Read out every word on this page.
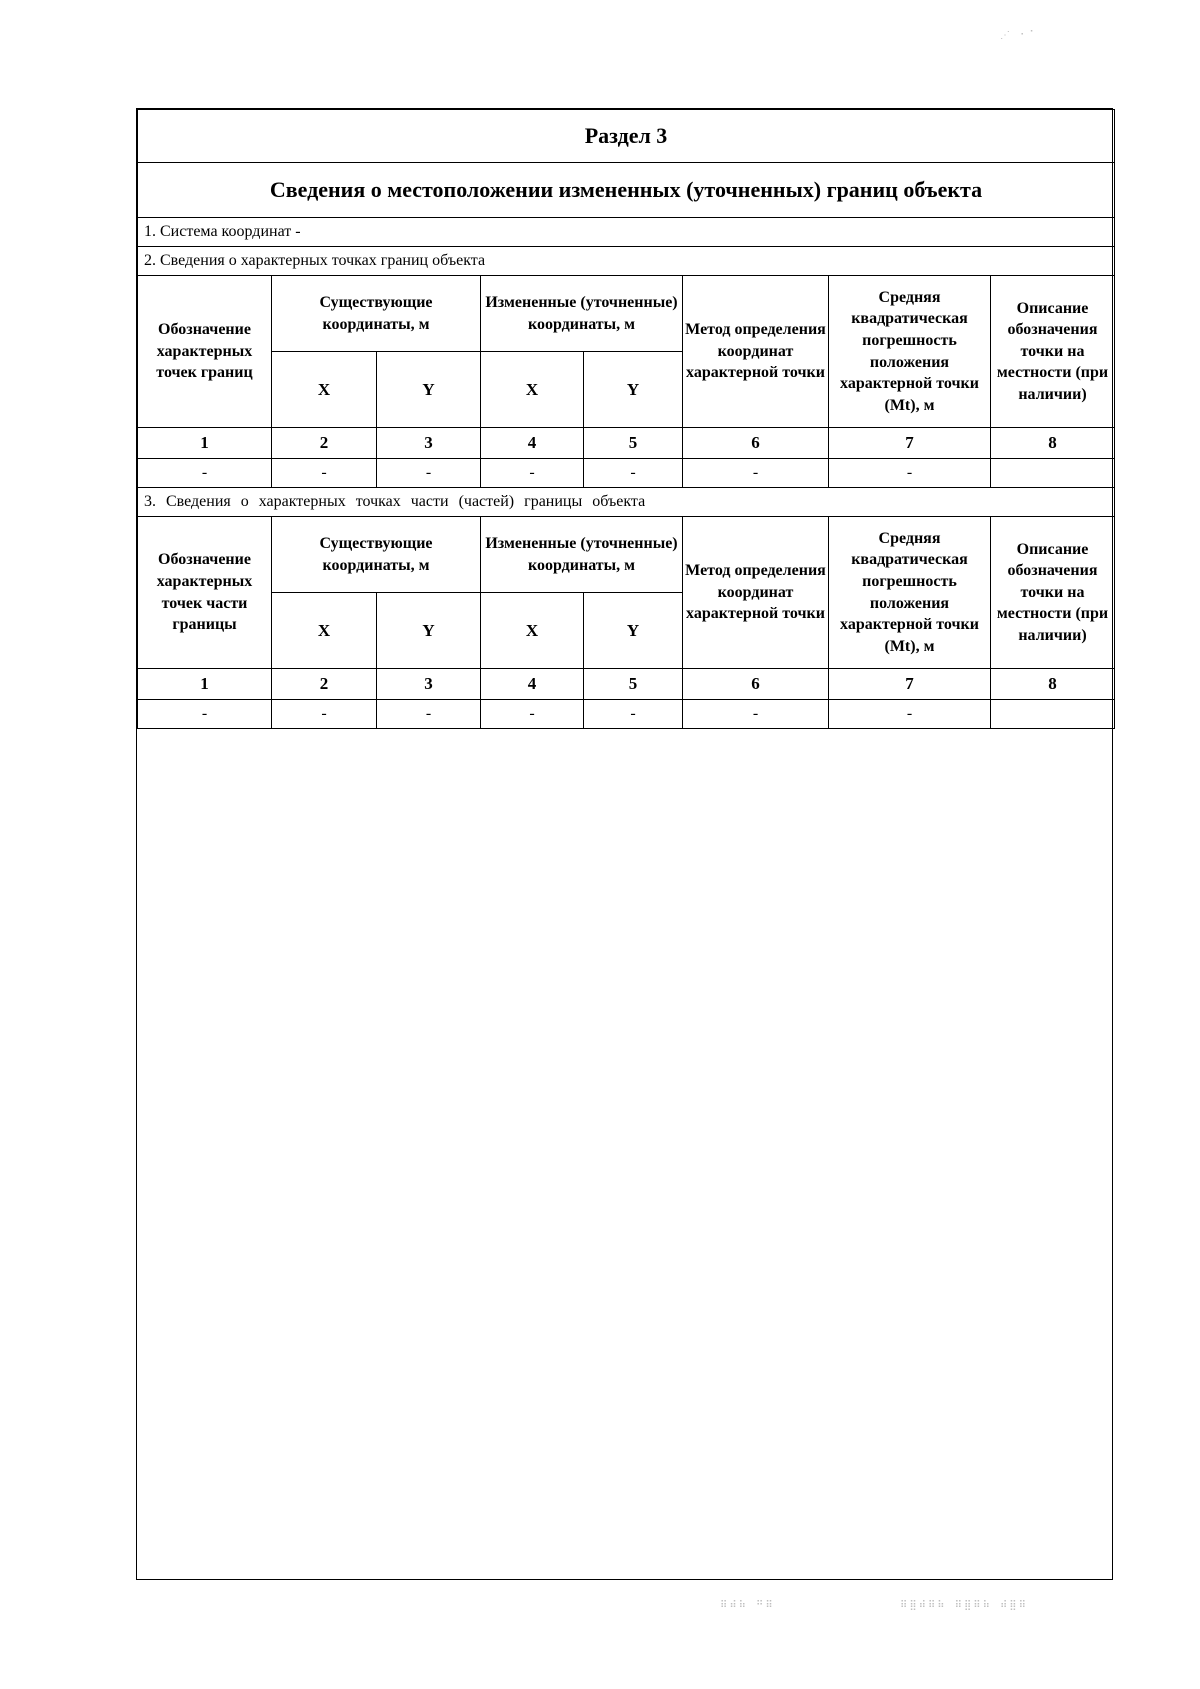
Раздел 3							
Сведения о местоположении измененных (уточненных) границ объекта							
1. Система координат -							
2. Сведения о характерных точках границ объекта							
Обозначение характерных точек границ	Существующие координаты, м		Измененные (уточненные) координаты, м		Метод определения координат характерной точки	Средняя квадратическая погрешность положения характерной точки (Mt), м	Описание обозначения точки на местности (при наличии)
	X	Y	X	Y			
1	2	3	4	5	6	7	8
-	-	-	-	-	-	-	
3. Сведения о характерных точках части (частей) границы объекта							
Обозначение характерных точек части границы	Существующие координаты, м		Измененные (уточненные) координаты, м		Метод определения координат характерной точки	Средняя квадратическая погрешность положения характерной точки (Mt), м	Описание обозначения точки на местности (при наличии)
	X	Y	X	Y			
1	2	3	4	5	6	7	8
-	-	-	-	-	-	-	
⋰ ⠂⠁
⠿⠾⠷ ⠛⠿	⠿⣿⠾⠿⠷ ⠿⣿⠿⠷ ⠾⣿⠿
